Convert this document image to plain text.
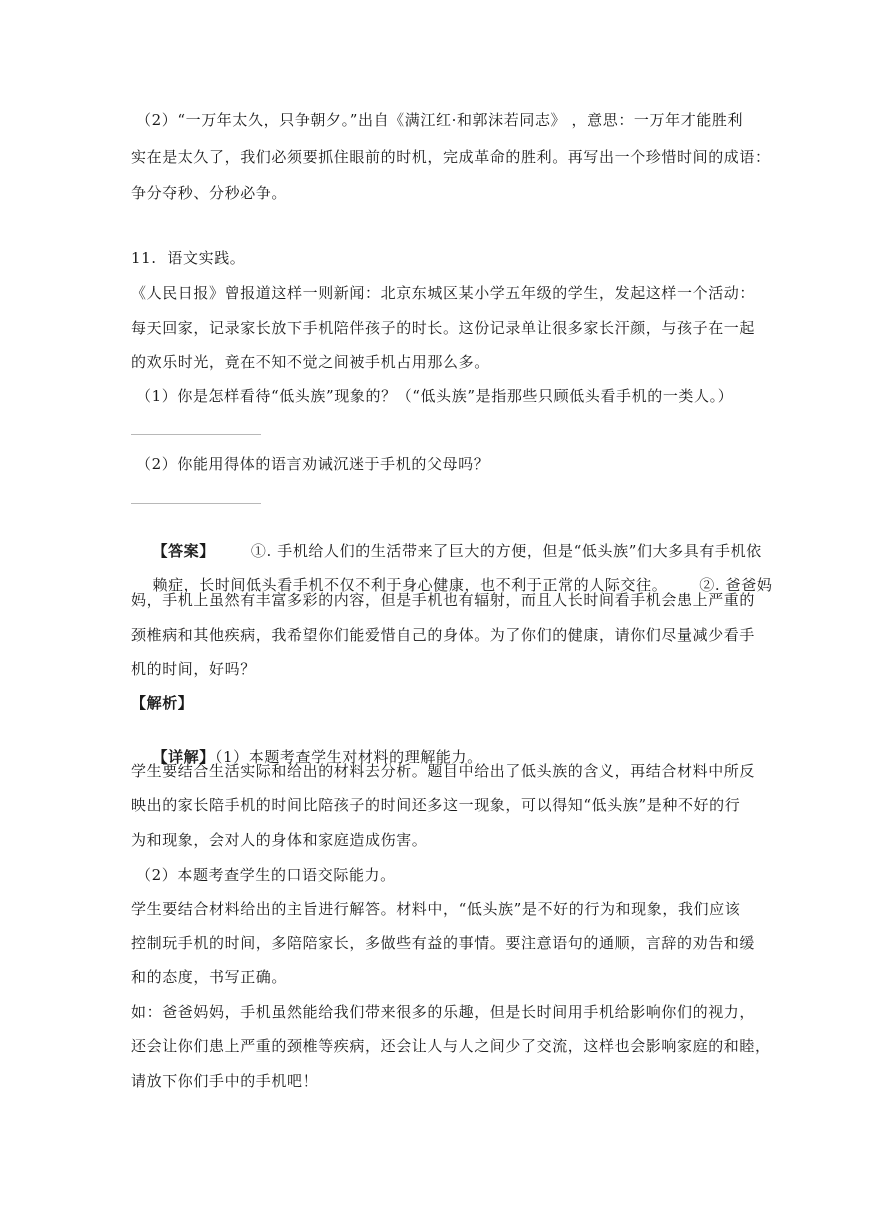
（2）“一万年太久，只争朝夕。”出自《满江红·和郭沫若同志》 ，意思：一万年才能胜利
实在是太久了，我们必须要抓住眼前的时机，完成革命的胜利。再写出一个珍惜时间的成语：
争分夺秒、分秒必争。
11.  语文实践。
《人民日报》曾报道这样一则新闻：北京东城区某小学五年级的学生，发起这样一个活动：
每天回家，记录家长放下手机陪伴孩子的时长。这份记录单让很多家长汗颜，与孩子在一起
的欢乐时光，竟在不知不觉之间被手机占用那么多。
（1）你是怎样看待“低头族”现象的？（“低头族”是指那些只顾低头看手机的一类人。）
（2）你能用得体的语言劝诫沉迷于手机的父母吗？

【答案】 ①. 手机给人们的生活带来了巨大的方便，但是“低头族”们大多具有手机依

赖症，长时间低头看手机不仅不利于身心健康，也不利于正常的人际交往。 ②. 爸爸妈

妈，手机上虽然有丰富多彩的内容，但是手机也有辐射，而且人长时间看手机会患上严重的
颈椎病和其他疾病，我希望你们能爱惜自己的身体。为了你们的健康，请你们尽量减少看手
机的时间，好吗？
【解析】

【详解】（1）本题考查学生对材料的理解能力。

学生要结合生活实际和给出的材料去分析。题目中给出了低头族的含义，再结合材料中所反
映出的家长陪手机的时间比陪孩子的时间还多这一现象，可以得知“低头族”是种不好的行
为和现象，会对人的身体和家庭造成伤害。
（2）本题考查学生的口语交际能力。
学生要结合材料给出的主旨进行解答。材料中，“低头族”是不好的行为和现象，我们应该
控制玩手机的时间，多陪陪家长，多做些有益的事情。要注意语句的通顺，言辞的劝告和缓
和的态度，书写正确。
如：爸爸妈妈，手机虽然能给我们带来很多的乐趣，但是长时间用手机给影响你们的视力，
还会让你们患上严重的颈椎等疾病，还会让人与人之间少了交流，这样也会影响家庭的和睦，
请放下你们手中的手机吧！
